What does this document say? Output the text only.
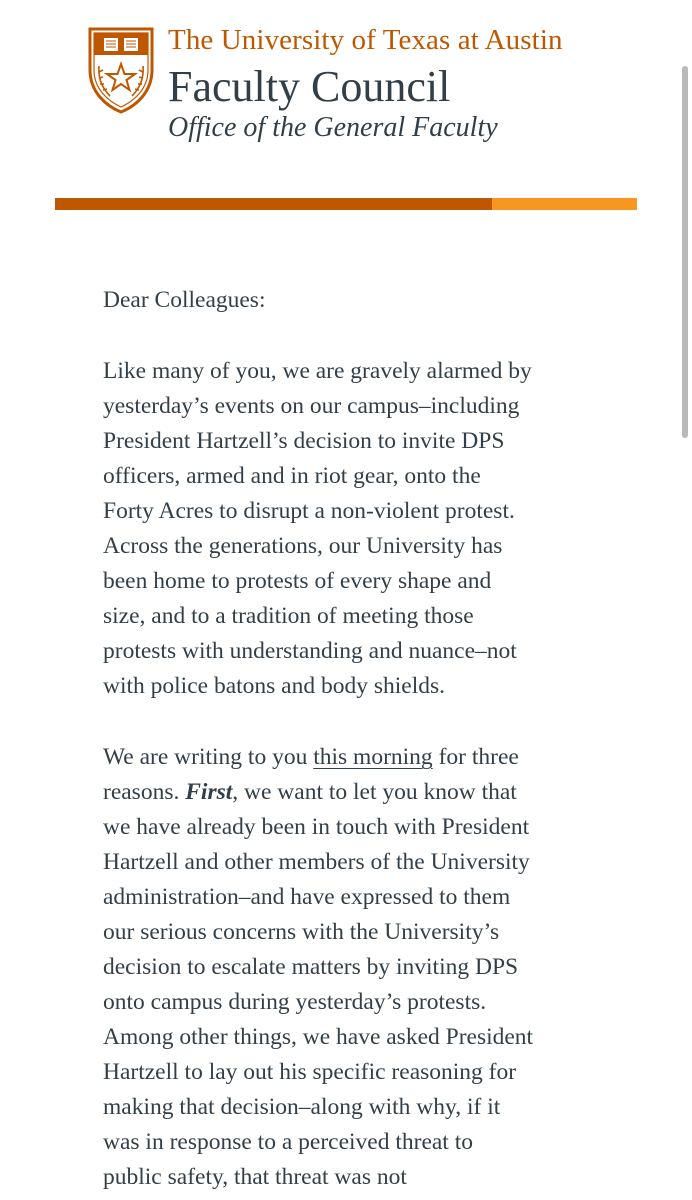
The University of Texas at Austin
Faculty Council
Office of the General Faculty

Dear Colleagues:

Like many of you, we are gravely alarmed by
yesterday’s events on our campus–including
President Hartzell’s decision to invite DPS
officers, armed and in riot gear, onto the
Forty Acres to disrupt a non-violent protest.
Across the generations, our University has
been home to protests of every shape and
size, and to a tradition of meeting those
protests with understanding and nuance–not
with police batons and body shields.

We are writing to you this morning for three
reasons. First, we want to let you know that
we have already been in touch with President
Hartzell and other members of the University
administration–and have expressed to them
our serious concerns with the University’s
decision to escalate matters by inviting DPS
onto campus during yesterday’s protests.
Among other things, we have asked President
Hartzell to lay out his specific reasoning for
making that decision–along with why, if it
was in response to a perceived threat to
public safety, that threat was not
